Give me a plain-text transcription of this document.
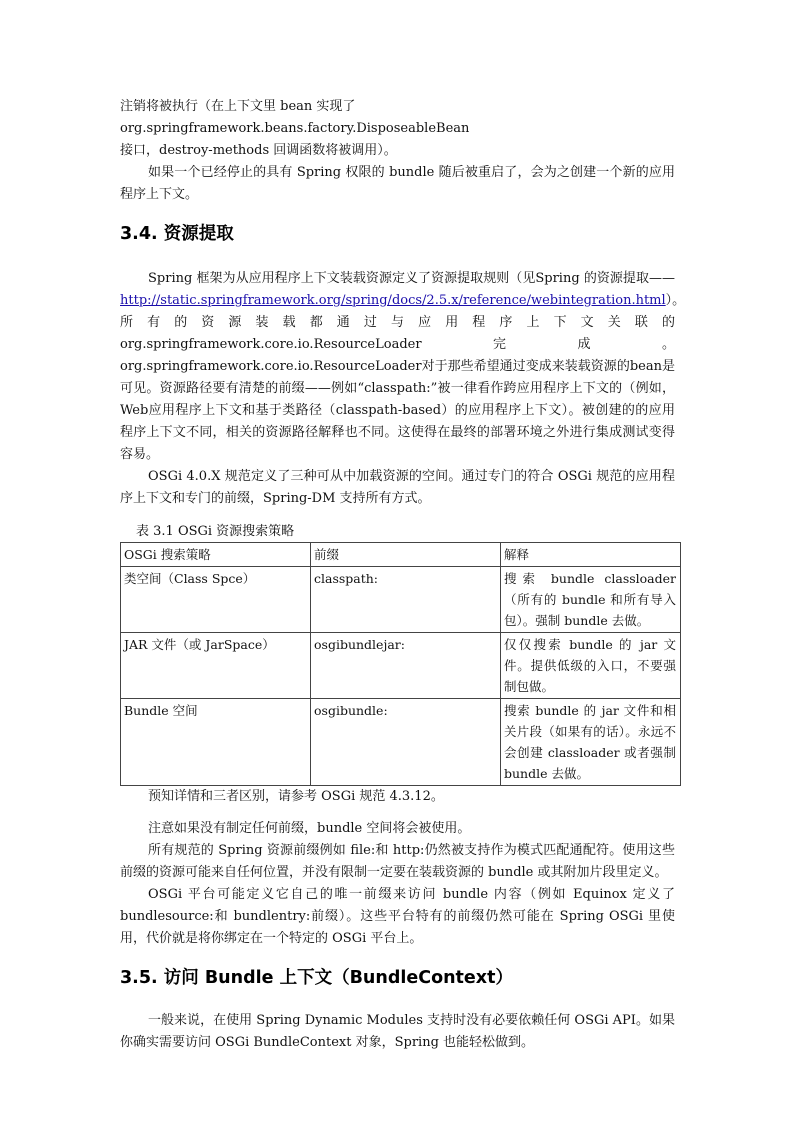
注销将被执行（在上下文里 bean 实现了 org.springframework.beans.factory.DisposeableBean
接口，destroy-methods 回调函数将被调用）。

如果一个已经停止的具有 Spring 权限的 bundle 随后被重启了，会为之创建一个新的应用程序上下文。

3.4. 资源提取

Spring 框架为从应用程序上下文装载资源定义了资源提取规则（见Spring 的资源提取——http://static.springframework.org/spring/docs/2.5.x/reference/webintegration.html）。所有的资源装载都通过与应用程序上下文关联的org.springframework.core.io.ResourceLoader完成。org.springframework.core.io.ResourceLoader对于那些希望通过变成来装载资源的bean是可见。资源路径要有清楚的前缀——例如“classpath:”被一律看作跨应用程序上下文的（例如，Web应用程序上下文和基于类路径（classpath-based）的应用程序上下文）。被创建的的应用程序上下文不同，相关的资源路径解释也不同。这使得在最终的部署环境之外进行集成测试变得容易。

OSGi 4.0.X 规范定义了三种可从中加载资源的空间。通过专门的符合 OSGi 规范的应用程序上下文和专门的前缀，Spring-DM 支持所有方式。

表 3.1 OSGi 资源搜索策略
OSGi 搜索策略	前缀	解释
类空间（Class Spce）	classpath:	搜索 bundle classloader（所有的 bundle 和所有导入包）。强制 bundle 去做。
JAR 文件（或 JarSpace）	osgibundlejar:	仅仅搜索 bundle 的 jar 文件。提供低级的入口，不要强制包做。
Bundle 空间	osgibundle:	搜索 bundle 的 jar 文件和相关片段（如果有的话）。永远不会创建 classloader 或者强制 bundle 去做。

预知详情和三者区别，请参考 OSGi 规范 4.3.12。

注意如果没有制定任何前缀，bundle 空间将会被使用。

所有规范的 Spring 资源前缀例如 file:和 http:仍然被支持作为模式匹配通配符。使用这些前缀的资源可能来自任何位置，并没有限制一定要在装载资源的 bundle 或其附加片段里定义。

OSGi 平台可能定义它自己的唯一前缀来访问 bundle 内容（例如 Equinox 定义了 bundlesource:和 bundlentry:前缀）。这些平台特有的前缀仍然可能在 Spring OSGi 里使用，代价就是将你绑定在一个特定的 OSGi 平台上。

3.5. 访问 Bundle 上下文（BundleContext）

一般来说，在使用 Spring Dynamic Modules 支持时没有必要依赖任何 OSGi API。如果你确实需要访问 OSGi BundleContext 对象，Spring 也能轻松做到。
